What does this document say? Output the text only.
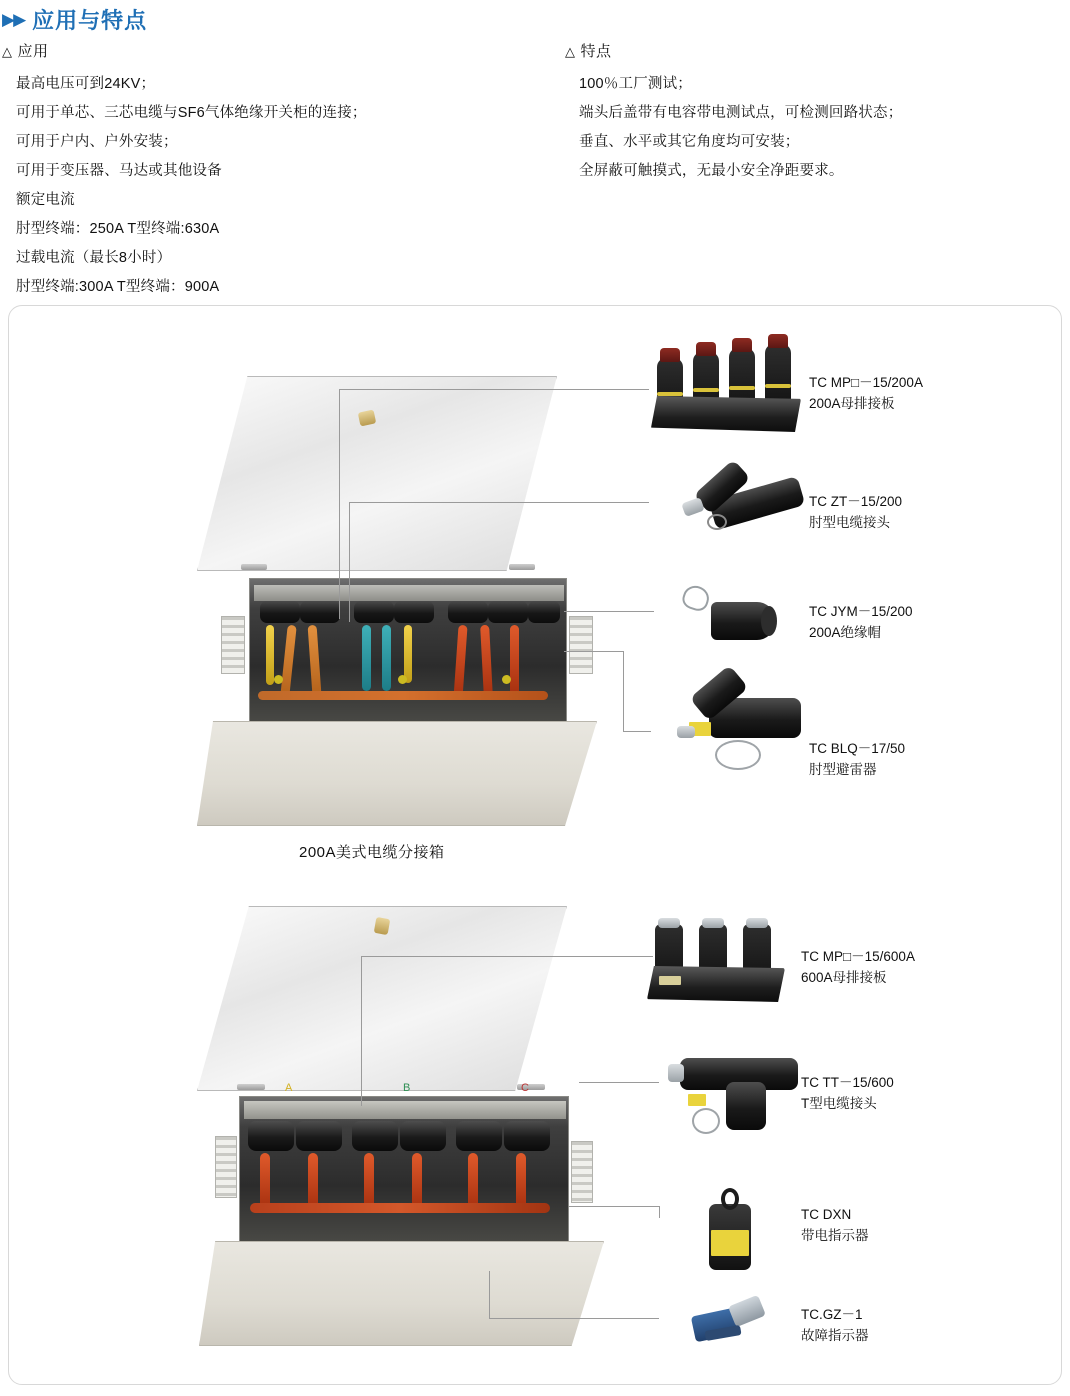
▶▶ 应用与特点
△ 应用
最高电压可到24KV；
可用于单芯、三芯电缆与SF6气体绝缘开关柜的连接；
可用于户内、户外安装；
可用于变压器、马达或其他设备
额定电流
肘型终端：250A T型终端:630A
过载电流（最长8小时）
肘型终端:300A T型终端：900A
△ 特点
100％工厂测试；
端头后盖带有电容带电测试点，可检测回路状态；
垂直、水平或其它角度均可安装；
全屏蔽可触摸式，无最小安全净距要求。
TC MP□－15/200A
200A母排接板
TC ZT－15/200
肘型电缆接头
TC JYM－15/200
200A绝缘帽
TC BLQ－17/50
肘型避雷器
200A美式电缆分接箱
A	B	C
TC MP□－15/600A
600A母排接板
TC TT－15/600
T型电缆接头
TC DXN
带电指示器
TC.GZ－1
故障指示器
